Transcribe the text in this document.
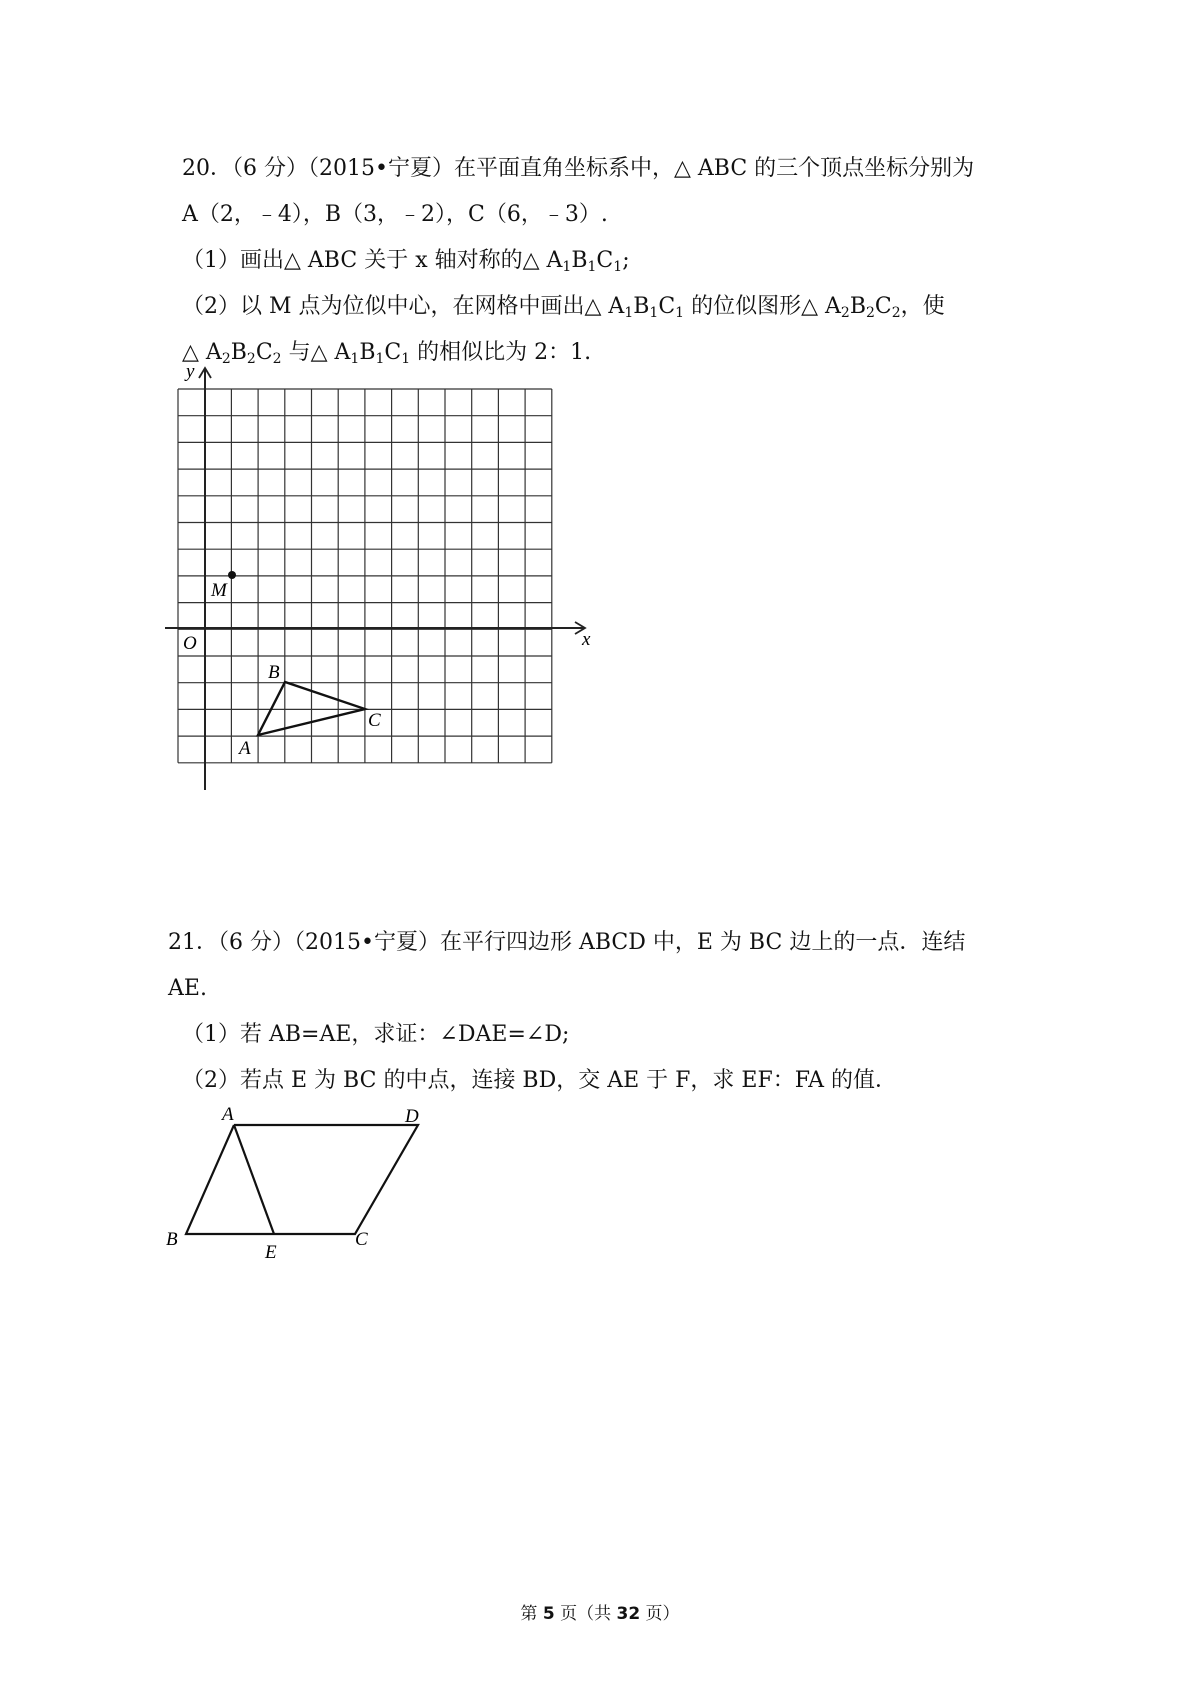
20．（6 分）（2015•宁夏）在平面直角坐标系中，△ ABC 的三个顶点坐标分别为
A（2，﹣4），B（3，﹣2），C（6，﹣3）.
（1）画出△ ABC 关于 x 轴对称的△ $A_1B_1C_1$;
（2）以 M 点为位似中心，在网格中画出△ $A_1B_1C_1$ 的位似图形△ $A_2B_2C_2$，使
△ $A_2B_2C_2$ 与△ $A_1B_1C_1$ 的相似比为 2：1.
y
x
O
M
A
B
C
A	D
B
E
C
21．（6 分）（2015•宁夏）在平行四边形 ABCD 中，E 为 BC 边上的一点．连结
AE.
（1）若 AB=AE，求证：∠DAE=∠D;
（2）若点 E 为 BC 的中点，连接 BD，交 AE 于 F，求 EF：FA 的值．
第 5 页（共 32 页）
